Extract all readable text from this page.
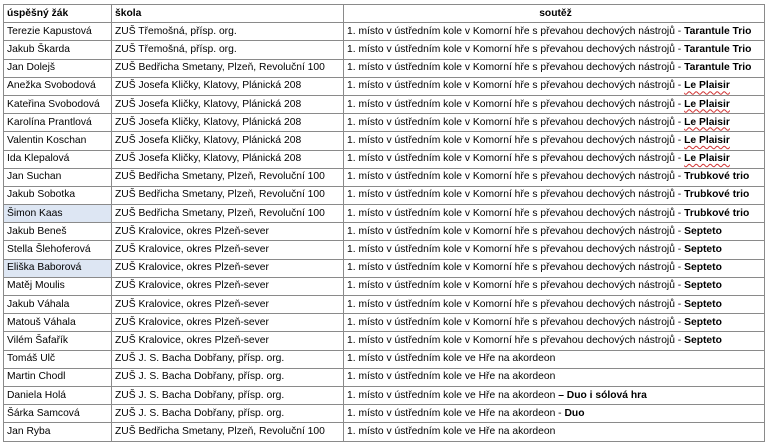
úspěšný žák	škola	soutěž
Terezie Kapustová	ZUŠ Třemošná, přísp. org.	1. místo v ústředním kole v Komorní hře s převahou dechových nástrojů - Tarantule Trio
Jakub Škarda	ZUŠ Třemošná, přísp. org.	1. místo v ústředním kole v Komorní hře s převahou dechových nástrojů - Tarantule Trio
Jan Dolejš	ZUŠ Bedřicha Smetany, Plzeň, Revoluční 100	1. místo v ústředním kole v Komorní hře s převahou dechových nástrojů - Tarantule Trio
Anežka Svobodová	ZUŠ Josefa Kličky, Klatovy, Plánická 208	1. místo v ústředním kole v Komorní hře s převahou dechových nástrojů - Le Plaisir
Kateřina Svobodová	ZUŠ Josefa Kličky, Klatovy, Plánická 208	1. místo v ústředním kole v Komorní hře s převahou dechových nástrojů - Le Plaisir
Karolína Prantlová	ZUŠ Josefa Kličky, Klatovy, Plánická 208	1. místo v ústředním kole v Komorní hře s převahou dechových nástrojů - Le Plaisir
Valentin Koschan	ZUŠ Josefa Kličky, Klatovy, Plánická 208	1. místo v ústředním kole v Komorní hře s převahou dechových nástrojů - Le Plaisir
Ida Klepalová	ZUŠ Josefa Kličky, Klatovy, Plánická 208	1. místo v ústředním kole v Komorní hře s převahou dechových nástrojů - Le Plaisir
Jan Suchan	ZUŠ Bedřicha Smetany, Plzeň, Revoluční 100	1. místo v ústředním kole v Komorní hře s převahou dechových nástrojů - Trubkové trio
Jakub Sobotka	ZUŠ Bedřicha Smetany, Plzeň, Revoluční 100	1. místo v ústředním kole v Komorní hře s převahou dechových nástrojů - Trubkové trio
Šimon Kaas	ZUŠ Bedřicha Smetany, Plzeň, Revoluční 100	1. místo v ústředním kole v Komorní hře s převahou dechových nástrojů - Trubkové trio
Jakub Beneš	ZUŠ Kralovice, okres Plzeň-sever	1. místo v ústředním kole v Komorní hře s převahou dechových nástrojů - Septeto
Stella Šlehoferová	ZUŠ Kralovice, okres Plzeň-sever	1. místo v ústředním kole v Komorní hře s převahou dechových nástrojů - Septeto
Eliška Baborová	ZUŠ Kralovice, okres Plzeň-sever	1. místo v ústředním kole v Komorní hře s převahou dechových nástrojů - Septeto
Matěj Moulis	ZUŠ Kralovice, okres Plzeň-sever	1. místo v ústředním kole v Komorní hře s převahou dechových nástrojů - Septeto
Jakub Váhala	ZUŠ Kralovice, okres Plzeň-sever	1. místo v ústředním kole v Komorní hře s převahou dechových nástrojů - Septeto
Matouš Váhala	ZUŠ Kralovice, okres Plzeň-sever	1. místo v ústředním kole v Komorní hře s převahou dechových nástrojů - Septeto
Vilém Šafařík	ZUŠ Kralovice, okres Plzeň-sever	1. místo v ústředním kole v Komorní hře s převahou dechových nástrojů - Septeto
Tomáš Ulč	ZUŠ J. S. Bacha Dobřany, přísp. org.	1. místo v ústředním kole ve Hře na akordeon
Martin Chodl	ZUŠ J. S. Bacha Dobřany, přísp. org.	1. místo v ústředním kole ve Hře na akordeon
Daniela Holá	ZUŠ J. S. Bacha Dobřany, přísp. org.	1. místo v ústředním kole ve Hře na akordeon – Duo i sólová hra
Šárka Samcová	ZUŠ J. S. Bacha Dobřany, přísp. org.	1. místo v ústředním kole ve Hře na akordeon - Duo
Jan Ryba	ZUŠ Bedřicha Smetany, Plzeň, Revoluční 100	1. místo v ústředním kole ve Hře na akordeon
